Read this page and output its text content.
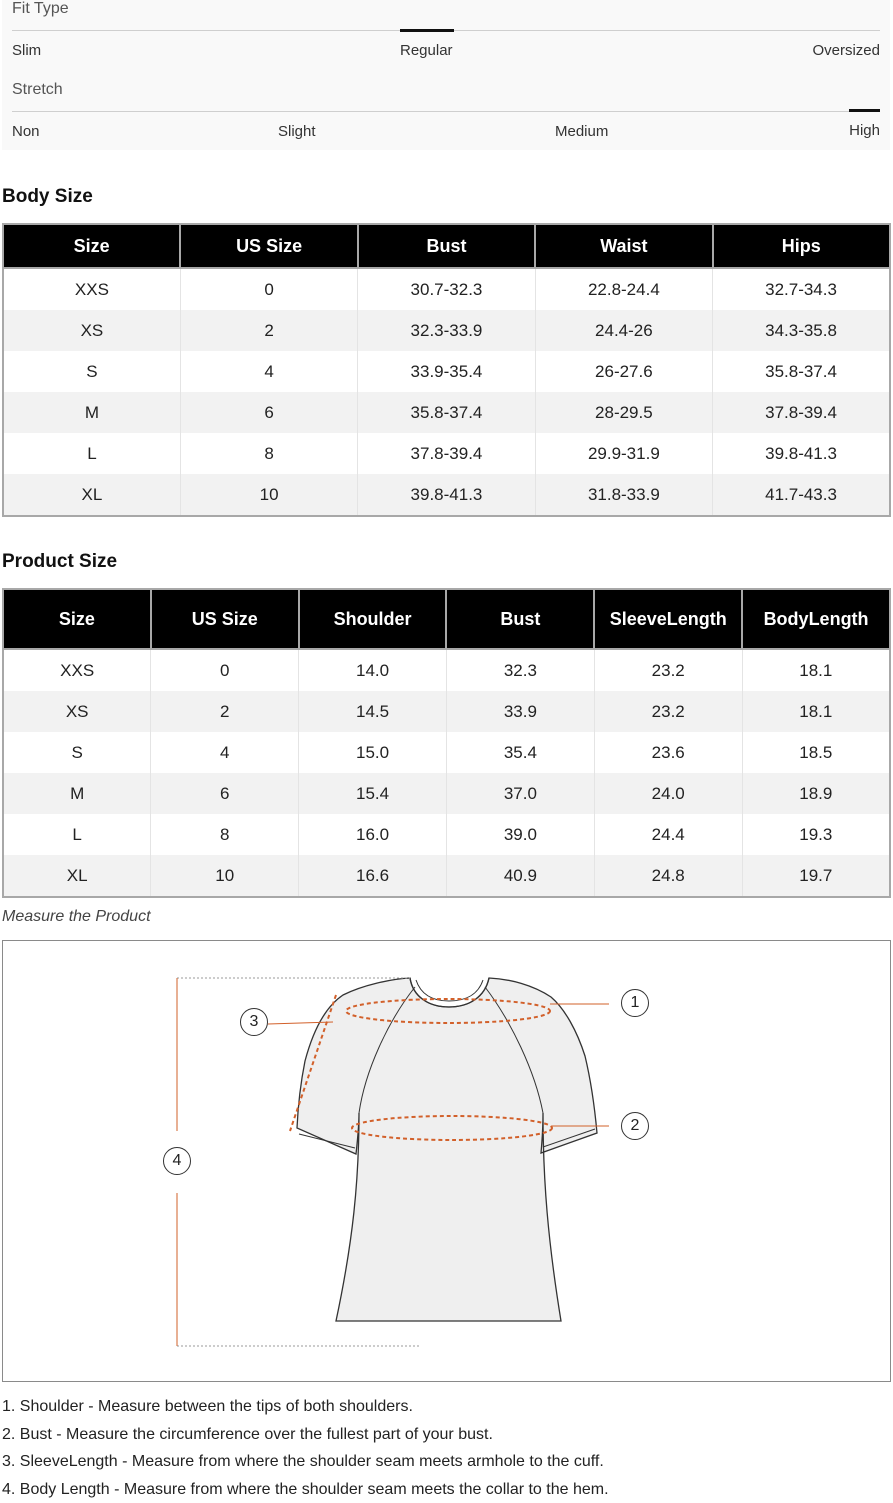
Fit Type
Slim	Regular	Oversized
Stretch
Non	Slight	Medium	High
Body Size
Size	US Size	Bust	Waist	Hips
XXS	0	30.7-32.3	22.8-24.4	32.7-34.3
XS	2	32.3-33.9	24.4-26	34.3-35.8
S	4	33.9-35.4	26-27.6	35.8-37.4
M	6	35.8-37.4	28-29.5	37.8-39.4
L	8	37.8-39.4	29.9-31.9	39.8-41.3
XL	10	39.8-41.3	31.8-33.9	41.7-43.3
Product Size
Size	US Size	Shoulder	Bust	SleeveLength	BodyLength
XXS	0	14.0	32.3	23.2	18.1
XS	2	14.5	33.9	23.2	18.1
S	4	15.0	35.4	23.6	18.5
M	6	15.4	37.0	24.0	18.9
L	8	16.0	39.0	24.4	19.3
XL	10	16.6	40.9	24.8	19.7
Measure the Product
1
2
3
4
1. Shoulder - Measure between the tips of both shoulders.
2. Bust - Measure the circumference over the fullest part of your bust.
3. SleeveLength - Measure from where the shoulder seam meets armhole to the cuff.
4. Body Length - Measure from where the shoulder seam meets the collar to the hem.
